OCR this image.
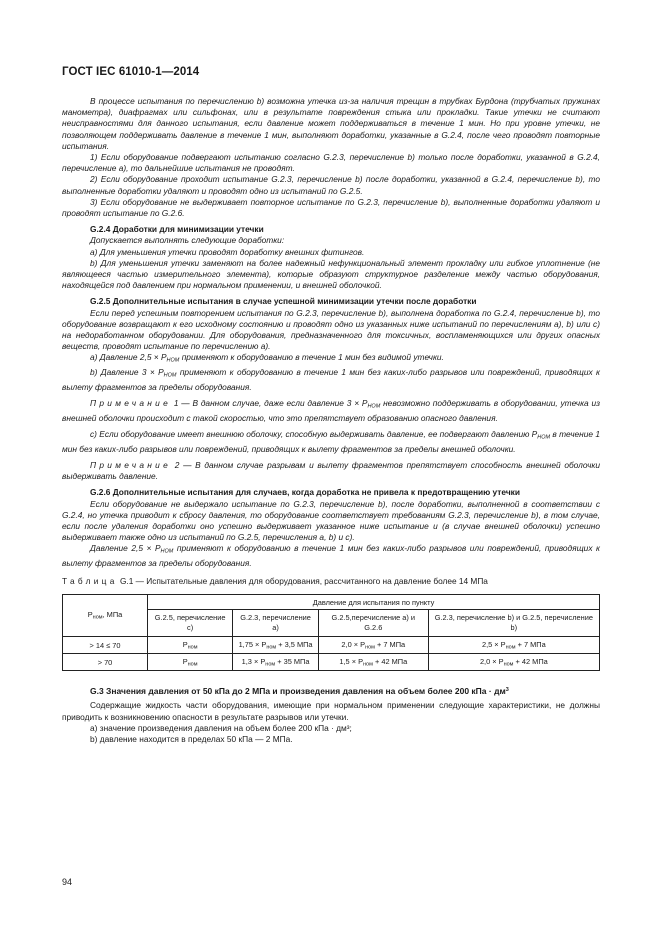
ГОСТ IEC 61010-1—2014

В процессе испытания по перечислению b) возможна утечка из-за наличия трещин в трубках Бурдона (трубчатых пружинах манометра), диафрагмах или сильфонах, или в результате повреждения стыка или прокладки. Такие утечки не считают неисправностями для данного испытания, если давление может поддерживаться в течение 1 мин. Но при уровне утечки, не позволяющем поддерживать давление в течение 1 мин, выполняют доработки, указанные в G.2.4, после чего проводят повторные испытания.

1) Если оборудование подвергают испытанию согласно G.2.3, перечисление b) только после доработки, указанной в G.2.4, перечисление а), то дальнейшие испытания не проводят.

2) Если оборудование проходит испытание G.2.3, перечисление b) после доработки, указанной в G.2.4, перечисление b), то выполненные доработки удаляют и проводят одно из испытаний по G.2.5.

3) Если оборудование не выдерживает повторное испытание по G.2.3, перечисление b), выполненные доработки удаляют и проводят испытание по G.2.6.

G.2.4 Доработки для минимизации утечки

Допускается выполнять следующие доработки:

а) Для уменьшения утечки проводят доработку внешних фитингов.

b) Для уменьшения утечки заменяют на более надежный нефункциональный элемент прокладку или гибкое уплотнение (не являющееся частью измерительного элемента), которые образуют структурное разделение между частью оборудования, находящейся под давлением при нормальном применении, и внешней оболочкой.

G.2.5 Дополнительные испытания в случае успешной минимизации утечки после доработки

Если перед успешным повторением испытания по G.2.3, перечисление b), выполнена доработка по G.2.4, перечисление b), то оборудование возвращают к его исходному состоянию и проводят одно из указанных ниже испытаний по перечислениям а), b) или с) на недоработанном оборудовании. Для оборудования, предназначенного для токсичных, воспламеняющихся или других опасных веществ, проводят испытание по перечислению а).

а) Давление $2,5 \times P_{НОМ}$ применяют к оборудованию в течение 1 мин без видимой утечки.

b) Давление $3 \times P_{НОМ}$ применяют к оборудованию в течение 1 мин без каких-либо разрывов или повреждений, приводящих к вылету фрагментов за пределы оборудования.

Примечание 1 — В данном случае, даже если давление $3 \times P_{НОМ}$ невозможно поддерживать в оборудовании, утечка из внешней оболочки происходит с такой скоростью, что это препятствует образованию опасного давления.

с) Если оборудование имеет внешнюю оболочку, способную выдерживать давление, ее подвергают давлению $P_{НОМ}$ в течение 1 мин без каких-либо разрывов или повреждений, приводящих к вылету фрагментов за пределы внешней оболочки.

Примечание 2 — В данном случае разрывам и вылету фрагментов препятствует способность внешней оболочки выдерживать давление.

G.2.6 Дополнительные испытания для случаев, когда доработка не привела к предотвращению утечки

Если оборудование не выдержало испытание по G.2.3, перечисление b), после доработки, выполненной в соответствии с G.2.4, но утечка приводит к сбросу давления, то оборудование соответствует требованиям G.2.3, перечисление b), в том случае, если после удаления доработки оно успешно выдерживает указанное ниже испытание и (в случае внешней оболочки) успешно выдерживает также одно из испытаний по G.2.5, перечисления а, b) и с).

Давление $2,5 \times P_{НОМ}$ применяют к оборудованию в течение 1 мин без каких-либо разрывов или повреждений, приводящих к вылету фрагментов за пределы оборудования.

Таблица G.1 — Испытательные давления для оборудования, рассчитанного на давление более 14 МПа

$P_{ном}$, МПа	Давление для испытания по пункту			
	G.2.5, перечисление с)	G.2.3, перечисление а)	G.2.5,перечисление а) и G.2.6	G.2.3, перечисление b) и G.2.5, перечисление b)
> 14 ≤ 70	$P_{ном}$	$1,75 \times P_{ном} + 3,5$ МПа	$2,0 \times P_{ном} + 7$ МПа	$2,5 \times P_{ном} + 7$ МПа
> 70	$P_{ном}$	$1,3 \times P_{ном} + 35$ МПа	$1,5 \times P_{ном} + 42$ МПа	$2,0 \times P_{ном} + 42$ МПа

G.3 Значения давления от 50 кПа до 2 МПа и произведения давления на объем более 200 кПа · $дм^3$

Содержащие жидкость части оборудования, имеющие при нормальном применении следующие характеристики, не должны приводить к возникновению опасности в результате разрывов или утечки.

а) значение произведения давления на объем более 200 кПа · дм³;

b) давление находится в пределах 50 кПа — 2 МПа.

94
